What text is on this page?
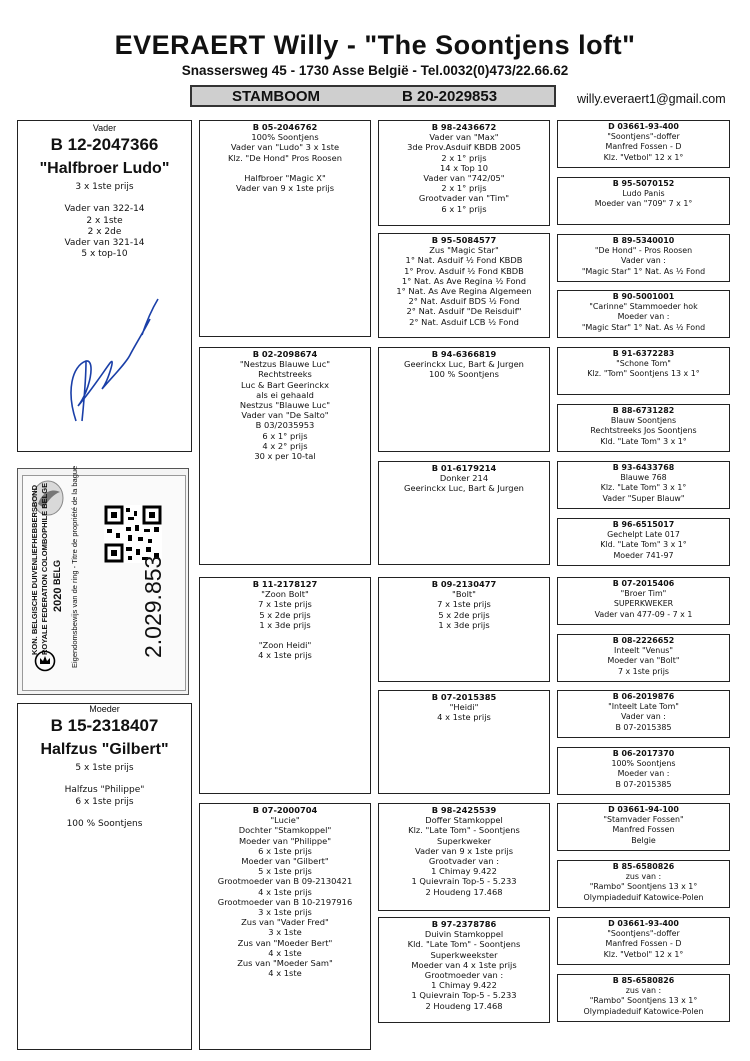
EVERAERT Willy - "The Soontjens loft"
Snassersweg 45 - 1730 Asse België - Tel.0032(0)473/22.66.62
STAMBOOM	B 20-2029853	willy.everaert1@gmail.com
Vader
B 12-2047366
"Halfbroer Ludo"
3 x 1ste prijs

Vader van 322-14
2 x 1ste
2 x 2de
Vader van 321-14
5 x top-10
KON. BELGISCHE DUIVENLIEFHEBBERSBOND ROYALE FEDERATION COLOMBOPHILE BELGE	Eigendomsbewijs van de ring - Titre de propriété de la bague
2020
BELG	2.029.853
Moeder
B 15-2318407
Halfzus "Gilbert"
5 x 1ste prijs

Halfzus "Philippe"
6 x 1ste prijs

100 % Soontjens
B 05-2046762
100% Soontjens
Vader van "Ludo" 3 x 1ste
Klz. "De Hond" Pros Roosen

Halfbroer "Magic X"
Vader van 9 x 1ste prijs
B 02-2098674
"Nestzus Blauwe Luc"
Rechtstreeks
Luc & Bart Geerinckx
als ei gehaald
Nestzus "Blauwe Luc"
Vader van "De Salto"
B 03/2035953
6 x 1° prijs
4 x 2° prijs
30 x per 10-tal
B 11-2178127
"Zoon Bolt"
7 x 1ste prijs
5 x 2de prijs
1 x 3de prijs

"Zoon Heidi"
4 x 1ste prijs
B 07-2000704
"Lucie"
Dochter "Stamkoppel"
Moeder van "Philippe"
6 x 1ste prijs
Moeder van "Gilbert"
5 x 1ste prijs
Grootmoeder van B 09-2130421
4 x 1ste prijs
Grootmoeder van B 10-2197916
3 x 1ste prijs
Zus van "Vader Fred"
3 x 1ste
Zus van "Moeder Bert"
4 x 1ste
Zus van "Moeder Sam"
4 x 1ste
B 98-2436672
Vader van "Max"
3de Prov.Asduif KBDB 2005
2 x 1° prijs
14 x Top 10
Vader van "742/05"
2 x 1° prijs
Grootvader van "Tim"
6 x 1° prijs
B 95-5084577
Zus "Magic Star"
1° Nat. Asduif ½ Fond KBDB
1° Prov. Asduif ½ Fond KBDB
1° Nat. As Ave Regina ½ Fond
1° Nat. As Ave Regina Algemeen
2° Nat. Asduif BDS ½ Fond
2° Nat. Asduif "De Reisduif"
2° Nat. Asduif LCB ½ Fond
B 94-6366819
Geerinckx Luc, Bart & Jurgen
100 % Soontjens
B 01-6179214
Donker 214
Geerinckx Luc, Bart & Jurgen
B 09-2130477
"Bolt"
7 x 1ste prijs
5 x 2de prijs
1 x 3de prijs
B 07-2015385
"Heidi"
4 x 1ste prijs
B 98-2425539
Doffer Stamkoppel
Klz. "Late Tom" - Soontjens
Superkweker
Vader van 9 x 1ste prijs
Grootvader van :
1 Chimay 9.422
1 Quievrain Top-5 - 5.233
2 Houdeng 17.468
B 97-2378786
Duivin Stamkoppel
Kld. "Late Tom" - Soontjens
Superkweekster
Moeder van 4 x 1ste prijs
Grootmoeder van :
1 Chimay 9.422
1 Quievrain Top-5 - 5.233
2 Houdeng 17.468
D 03661-93-400
"Soontjens"-doffer
Manfred Fossen - D
Klz. "Vetbol" 12 x 1°
B 95-5070152
Ludo Panis
Moeder van "709" 7 x 1°
B 89-5340010
"De Hond" - Pros Roosen
Vader van :
"Magic Star" 1° Nat. As ½ Fond
B 90-5001001
"Carinne" Stammoeder hok
Moeder van :
"Magic Star" 1° Nat. As ½ Fond
B 91-6372283
"Schone Tom"
Klz. "Tom" Soontjens 13 x 1°
B 88-6731282
Blauw Soontjens
Rechtstreeks Jos Soontjens
Kld. "Late Tom" 3 x 1°
B 93-6433768
Blauwe 768
Klz. "Late Tom" 3 x 1°
Vader "Super Blauw"
B 96-6515017
Gechelpt Late 017
Kld. "Late Tom" 3 x 1°
Moeder 741-97
B 07-2015406
"Broer Tim"
SUPERKWEKER
Vader van 477-09 - 7 x 1
B 08-2226652
Inteelt "Venus"
Moeder van "Bolt"
7 x 1ste prijs
B 06-2019876
"Inteelt Late Tom"
Vader van :
B 07-2015385
B 06-2017370
100% Soontjens
Moeder van :
B 07-2015385
D 03661-94-100
"Stamvader Fossen"
Manfred Fossen
Belgie
B 85-6580826
zus van :
"Rambo" Soontjens 13 x 1°
Olympiadeduif Katowice-Polen
D 03661-93-400
"Soontjens"-doffer
Manfred Fossen - D
Klz. "Vetbol" 12 x 1°
B 85-6580826
zus van :
"Rambo" Soontjens 13 x 1°
Olympiadeduif Katowice-Polen
